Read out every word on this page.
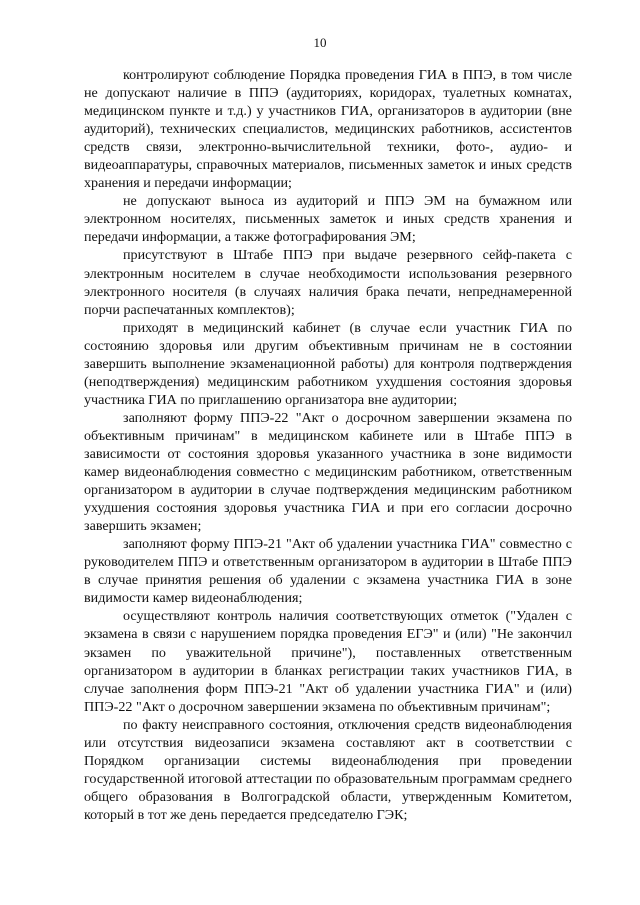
10

контролируют соблюдение Порядка проведения ГИА в ППЭ, в том числе не допускают наличие в ППЭ (аудиториях, коридорах, туалетных комнатах, медицинском пункте и т.д.) у участников ГИА, организаторов в аудитории (вне аудиторий), технических специалистов, медицинских работников, ассистентов средств связи, электронно-вычислительной техники, фото-, аудио- и видеоаппаратуры, справочных материалов, письменных заметок и иных средств хранения и передачи информации;

не допускают выноса из аудиторий и ППЭ ЭМ на бумажном или электронном носителях, письменных заметок и иных средств хранения и передачи информации, а также фотографирования ЭМ;

присутствуют в Штабе ППЭ при выдаче резервного сейф-пакета с электронным носителем в случае необходимости использования резервного электронного носителя (в случаях наличия брака печати, непреднамеренной порчи распечатанных комплектов);

приходят в медицинский кабинет (в случае если участник ГИА по состоянию здоровья или другим объективным причинам не в состоянии завершить выполнение экзаменационной работы) для контроля подтверждения (неподтверждения) медицинским работником ухудшения состояния здоровья участника ГИА по приглашению организатора вне аудитории;

заполняют форму ППЭ-22 "Акт о досрочном завершении экзамена по объективным причинам" в медицинском кабинете или в Штабе ППЭ в зависимости от состояния здоровья указанного участника в зоне видимости камер видеонаблюдения совместно с медицинским работником, ответственным организатором в аудитории в случае подтверждения медицинским работником ухудшения состояния здоровья участника ГИА и при его согласии досрочно завершить экзамен;

заполняют форму ППЭ-21 "Акт об удалении участника ГИА" совместно с руководителем ППЭ и ответственным организатором в аудитории в Штабе ППЭ в случае принятия решения об удалении с экзамена участника ГИА в зоне видимости камер видеонаблюдения;

осуществляют контроль наличия соответствующих отметок ("Удален с экзамена в связи с нарушением порядка проведения ЕГЭ" и (или) "Не закончил экзамен по уважительной причине"), поставленных ответственным организатором в аудитории в бланках регистрации таких участников ГИА, в случае заполнения форм ППЭ-21 "Акт об удалении участника ГИА" и (или) ППЭ-22 "Акт о досрочном завершении экзамена по объективным причинам";

по факту неисправного состояния, отключения средств видеонаблюдения или отсутствия видеозаписи экзамена составляют акт в соответствии с Порядком организации системы видеонаблюдения при проведении государственной итоговой аттестации по образовательным программам среднего общего образования в Волгоградской области, утвержденным Комитетом, который в тот же день передается председателю ГЭК;
